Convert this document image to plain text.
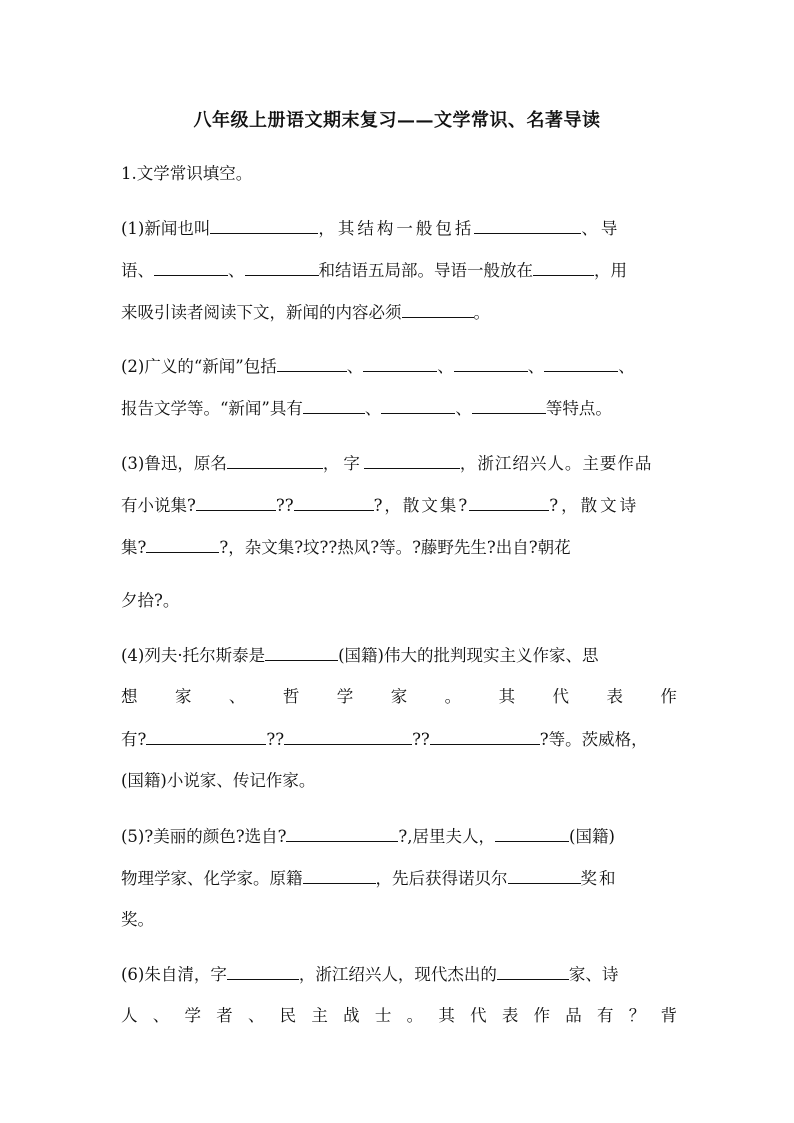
八年级上册语文期末复习——文学常识、名著导读
1.文学常识填空。
(1)新闻也叫	，其结构一般包括	、导
语、	、	和结语五局部。导语一般放在	，用
来吸引读者阅读下文，新闻的内容必须	。
(2)广义的“新闻”包括	、	、	、	、
报告文学等。“新闻”具有	、	、	等特点。
(3)鲁迅，原名	，字	，浙江绍兴人。主要作品
有小说集?	??	?，散文集?	?，散文诗
集?	?，杂文集?坟??热风?等。?藤野先生?出自?朝花
夕拾?。
(4)列夫·托尔斯泰是	(国籍)伟大的批判现实主义作家、思
想 家 、 哲 学 家 。 其 代 表 作
有?	??	??	?等。茨威格，
(国籍)小说家、传记作家。
(5)?美丽的颜色?选自?	?,居里夫人，	(国籍)
物理学家、化学家。原籍	，先后获得诺贝尔	奖和
奖。
(6)朱自清，字	，浙江绍兴人，现代杰出的	家、诗
人 、 学 者 、 民 主 战 士 。 其 代 表 作 品 有 ？ 背
